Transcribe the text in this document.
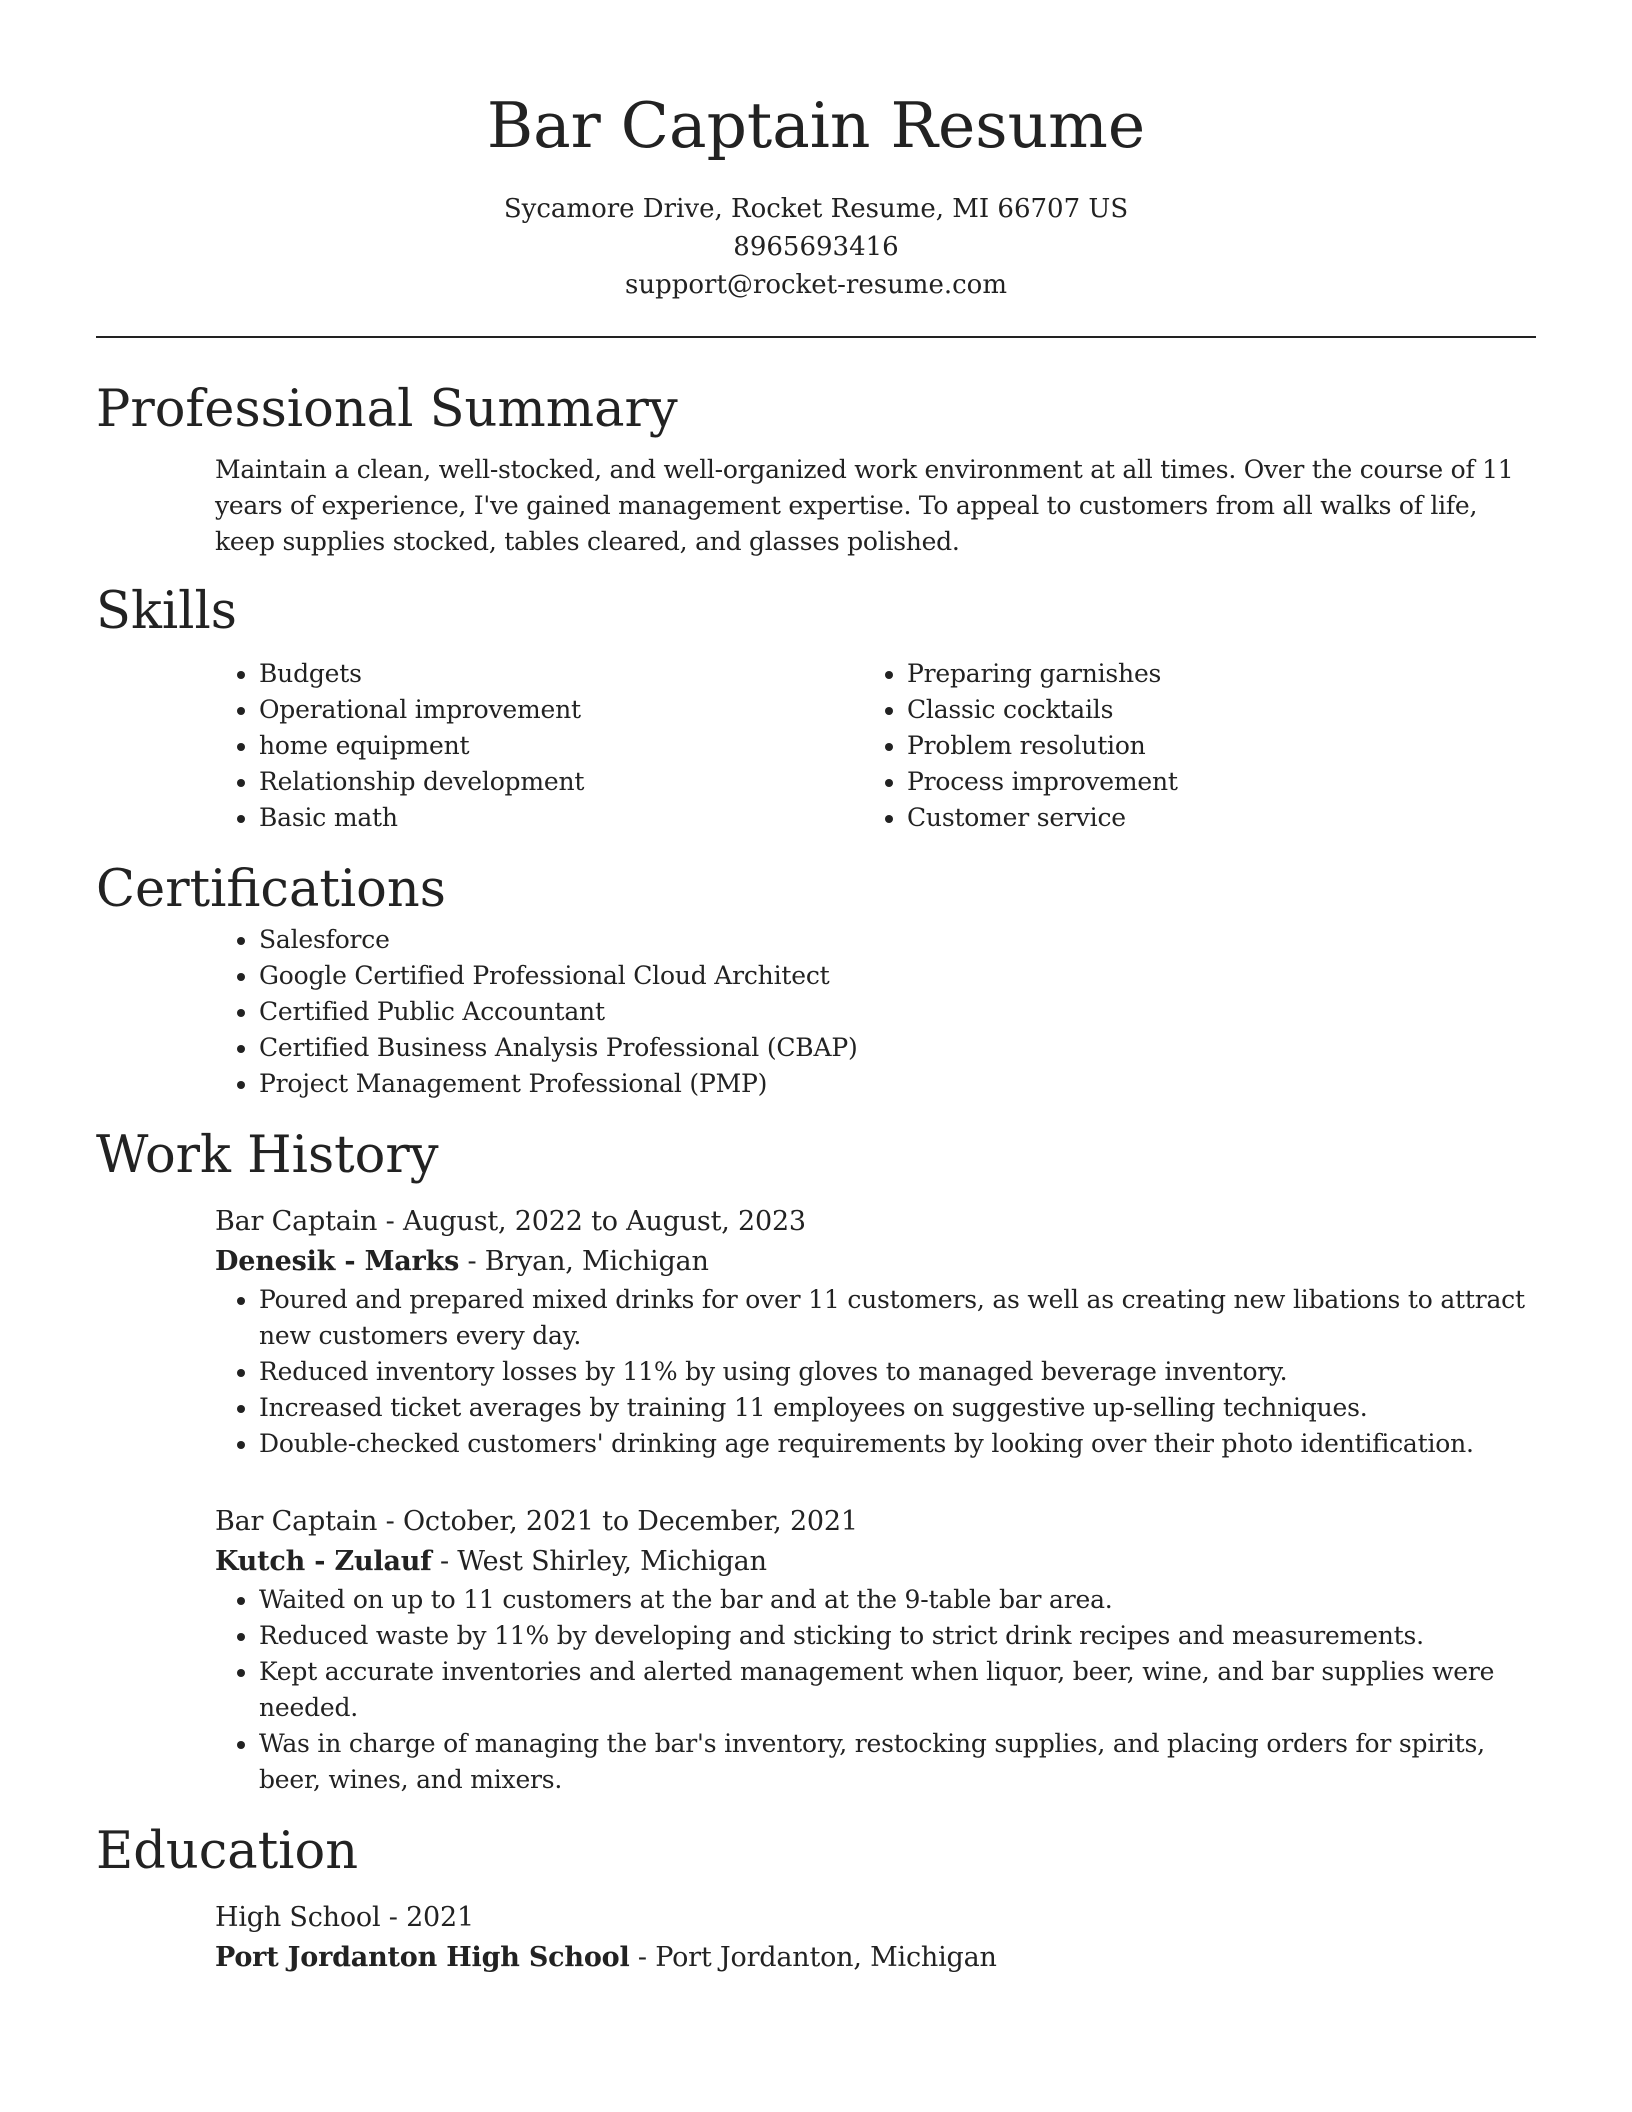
Bar Captain Resume
Sycamore Drive, Rocket Resume, MI 66707 US
8965693416
support@rocket-resume.com
Professional Summary

Maintain a clean, well-stocked, and well-organized work environment at all times. Over the course of 11 years of experience, I've gained management expertise. To appeal to customers from all walks of life, keep supplies stocked, tables cleared, and glasses polished.

Skills
• Budgets
• Operational improvement
• home equipment
• Relationship development
• Basic math
• Preparing garnishes
• Classic cocktails
• Problem resolution
• Process improvement
• Customer service
Certifications
• Salesforce
• Google Certified Professional Cloud Architect
• Certified Public Accountant
• Certified Business Analysis Professional (CBAP)
• Project Management Professional (PMP)
Work History
Bar Captain - August, 2022 to August, 2023
Denesik - Marks - Bryan, Michigan
• Poured and prepared mixed drinks for over 11 customers, as well as creating new libations to attract new customers every day.
• Reduced inventory losses by 11% by using gloves to managed beverage inventory.
• Increased ticket averages by training 11 employees on suggestive up-selling techniques.
• Double-checked customers' drinking age requirements by looking over their photo identification.
Bar Captain - October, 2021 to December, 2021
Kutch - Zulauf - West Shirley, Michigan
• Waited on up to 11 customers at the bar and at the 9-table bar area.
• Reduced waste by 11% by developing and sticking to strict drink recipes and measurements.
• Kept accurate inventories and alerted management when liquor, beer, wine, and bar supplies were needed.
• Was in charge of managing the bar's inventory, restocking supplies, and placing orders for spirits, beer, wines, and mixers.
Education
High School - 2021
Port Jordanton High School - Port Jordanton, Michigan
